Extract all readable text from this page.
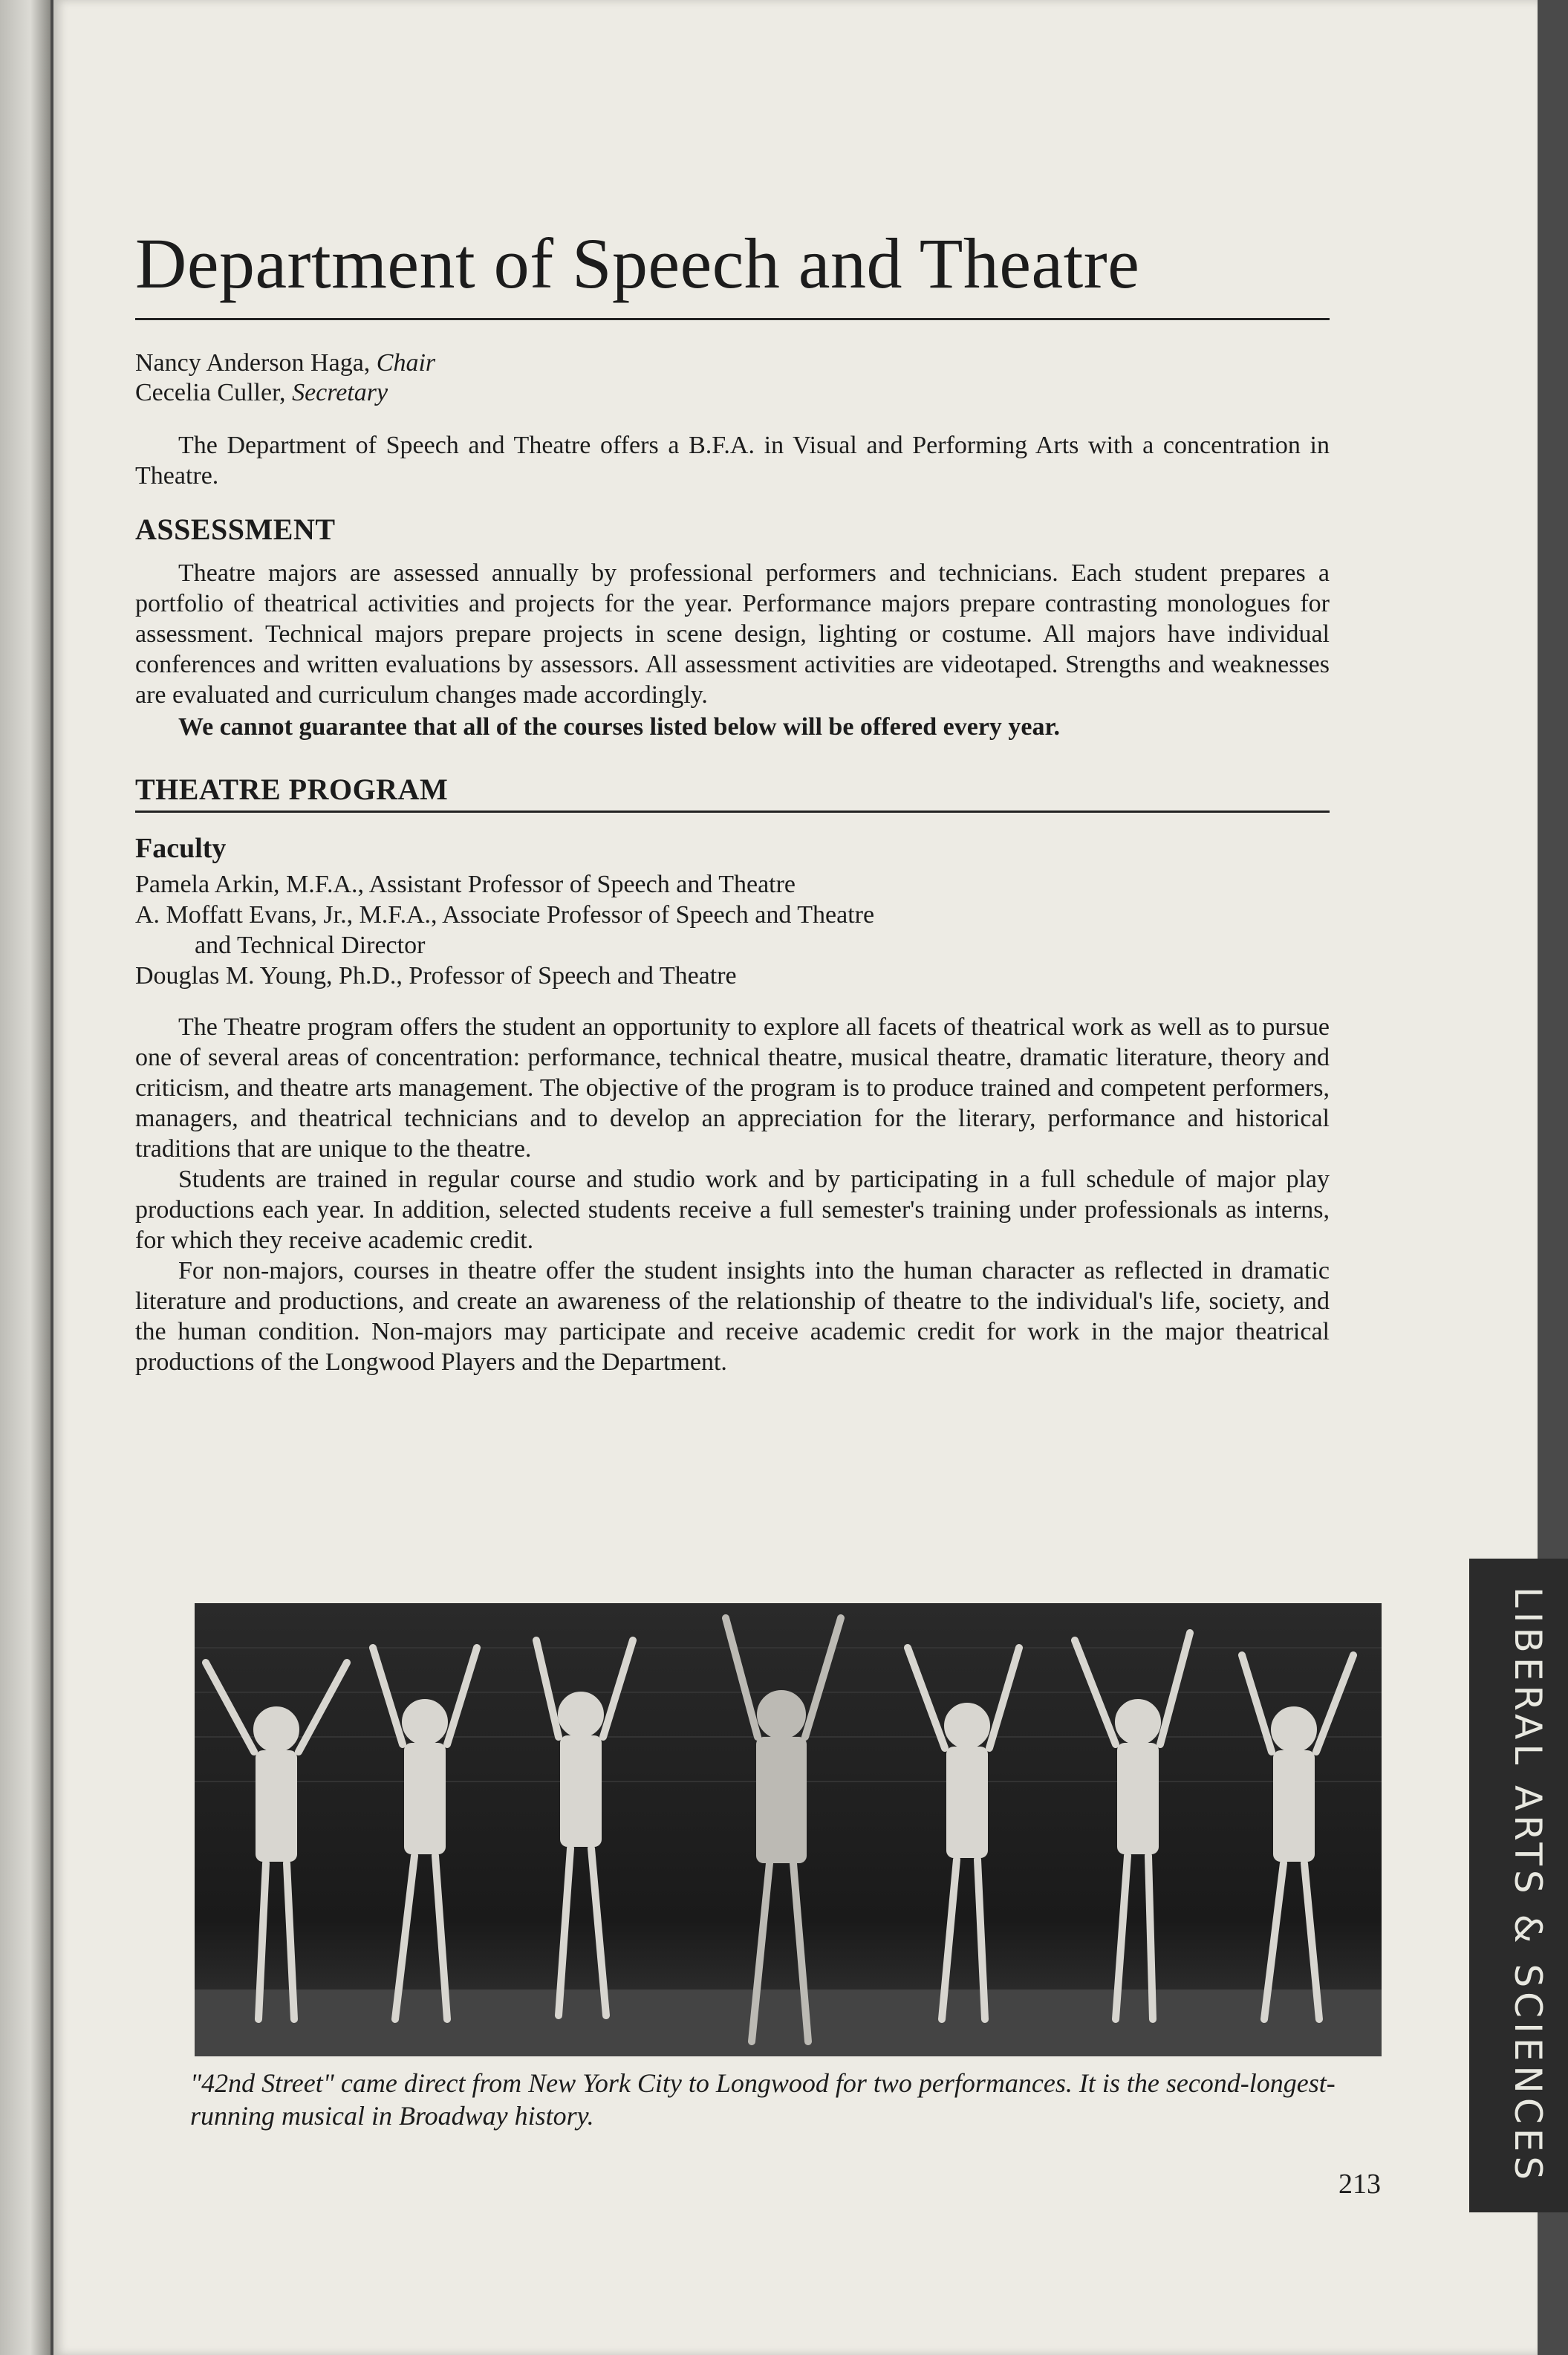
Department of Speech and Theatre
Nancy Anderson Haga, Chair
Cecelia Culler, Secretary

The Department of Speech and Theatre offers a B.F.A. in Visual and Performing Arts with a concentration in Theatre.

ASSESSMENT

Theatre majors are assessed annually by professional performers and technicians. Each student prepares a portfolio of theatrical activities and projects for the year. Performance majors prepare contrasting monologues for assessment. Technical majors prepare projects in scene design, lighting or costume. All majors have individual conferences and written evaluations by assessors. All assessment activities are videotaped. Strengths and weaknesses are evaluated and curriculum changes made accordingly.

We cannot guarantee that all of the courses listed below will be offered every year.
THEATRE PROGRAM
Faculty
Pamela Arkin, M.F.A., Assistant Professor of Speech and Theatre
A. Moffatt Evans, Jr., M.F.A., Associate Professor of Speech and Theatre
and Technical Director
Douglas M. Young, Ph.D., Professor of Speech and Theatre

The Theatre program offers the student an opportunity to explore all facets of theatrical work as well as to pursue one of several areas of concentration: performance, technical theatre, musical theatre, dramatic literature, theory and criticism, and theatre arts management. The objective of the program is to produce trained and competent performers, managers, and theatrical technicians and to develop an appreciation for the literary, performance and historical traditions that are unique to the theatre.

Students are trained in regular course and studio work and by participating in a full schedule of major play productions each year. In addition, selected students receive a full semester's training under professionals as interns, for which they receive academic credit.

For non-majors, courses in theatre offer the student insights into the human character as reflected in dramatic literature and productions, and create an awareness of the relationship of theatre to the individual's life, society, and the human condition. Non-majors may participate and receive academic credit for work in the major theatrical productions of the Longwood Players and the Department.

"42nd Street" came direct from New York City to Longwood for two performances. It is the second-longest-running musical in Broadway history.
213	LIBERAL ARTS & SCIENCES
